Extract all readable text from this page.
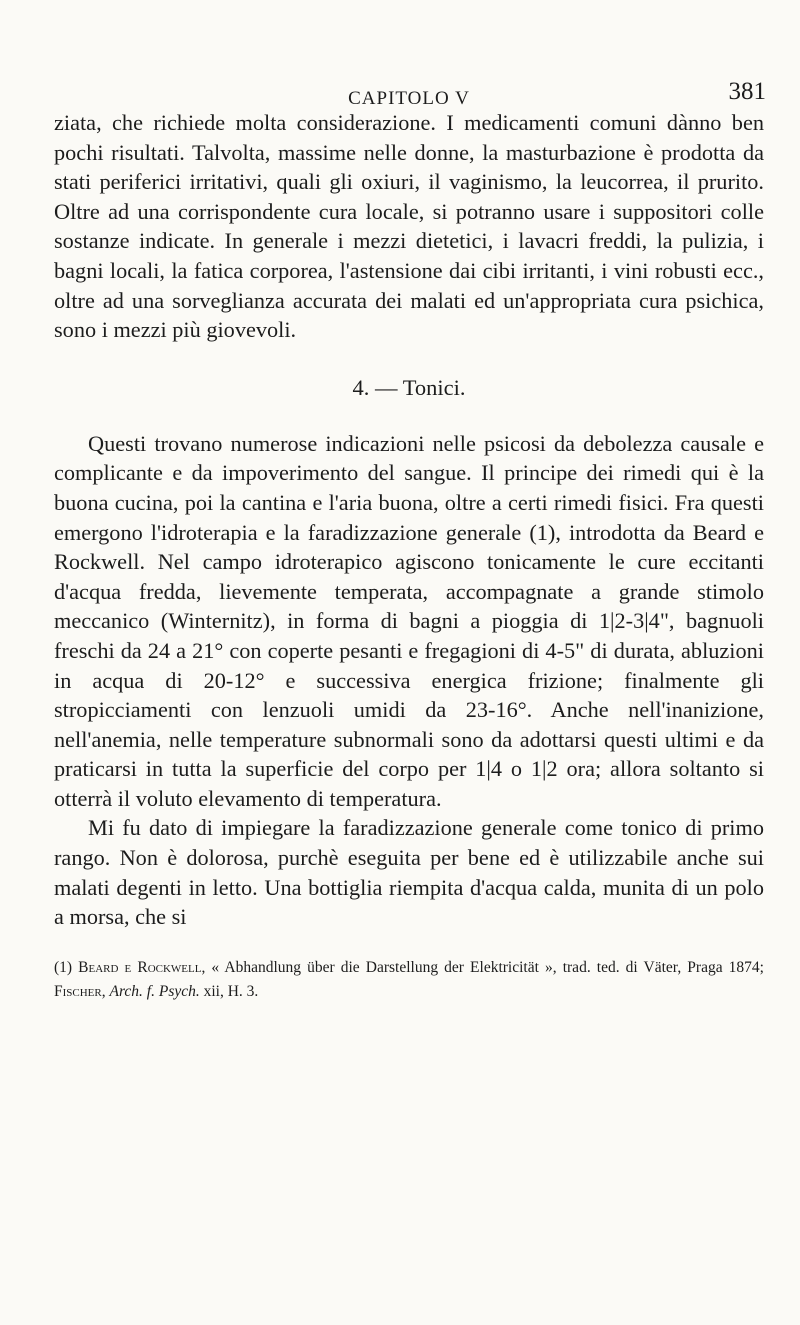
CAPITOLO V	381

ziata, che richiede molta considerazione. I medicamenti comuni dànno ben pochi risultati. Talvolta, massime nelle donne, la masturbazione è prodotta da stati periferici irritativi, quali gli oxiuri, il vaginismo, la leucorrea, il prurito. Oltre ad una corrispondente cura locale, si potranno usare i suppositori colle sostanze indicate. In generale i mezzi dietetici, i lavacri freddi, la pulizia, i bagni locali, la fatica corporea, l'astensione dai cibi irritanti, i vini robusti ecc., oltre ad una sorveglianza accurata dei malati ed un'appropriata cura psichica, sono i mezzi più giovevoli.

4. — Tonici.

Questi trovano numerose indicazioni nelle psicosi da debolezza causale e complicante e da impoverimento del sangue. Il principe dei rimedi qui è la buona cucina, poi la cantina e l'aria buona, oltre a certi rimedi fisici. Fra questi emergono l'idroterapia e la faradizzazione generale (1), introdotta da Beard e Rockwell. Nel campo idroterapico agiscono tonicamente le cure eccitanti d'acqua fredda, lievemente temperata, accompagnate a grande stimolo meccanico (Winternitz), in forma di bagni a pioggia di 1|2-3|4", bagnuoli freschi da 24 a 21° con coperte pesanti e fregagioni di 4-5" di durata, abluzioni in acqua di 20-12° e successiva energica frizione; finalmente gli stropicciamenti con lenzuoli umidi da 23-16°. Anche nell'inanizione, nell'anemia, nelle temperature subnormali sono da adottarsi questi ultimi e da praticarsi in tutta la superficie del corpo per 1|4 o 1|2 ora; allora soltanto si otterrà il voluto elevamento di temperatura.

Mi fu dato di impiegare la faradizzazione generale come tonico di primo rango. Non è dolorosa, purchè eseguita per bene ed è utilizzabile anche sui malati degenti in letto. Una bottiglia riempita d'acqua calda, munita di un polo a morsa, che si

(1) Beard e Rockwell, « Abhandlung über die Darstellung der Elektricität », trad. ted. di Väter, Praga 1874; Fischer, Arch. f. Psych. xii, H. 3.
